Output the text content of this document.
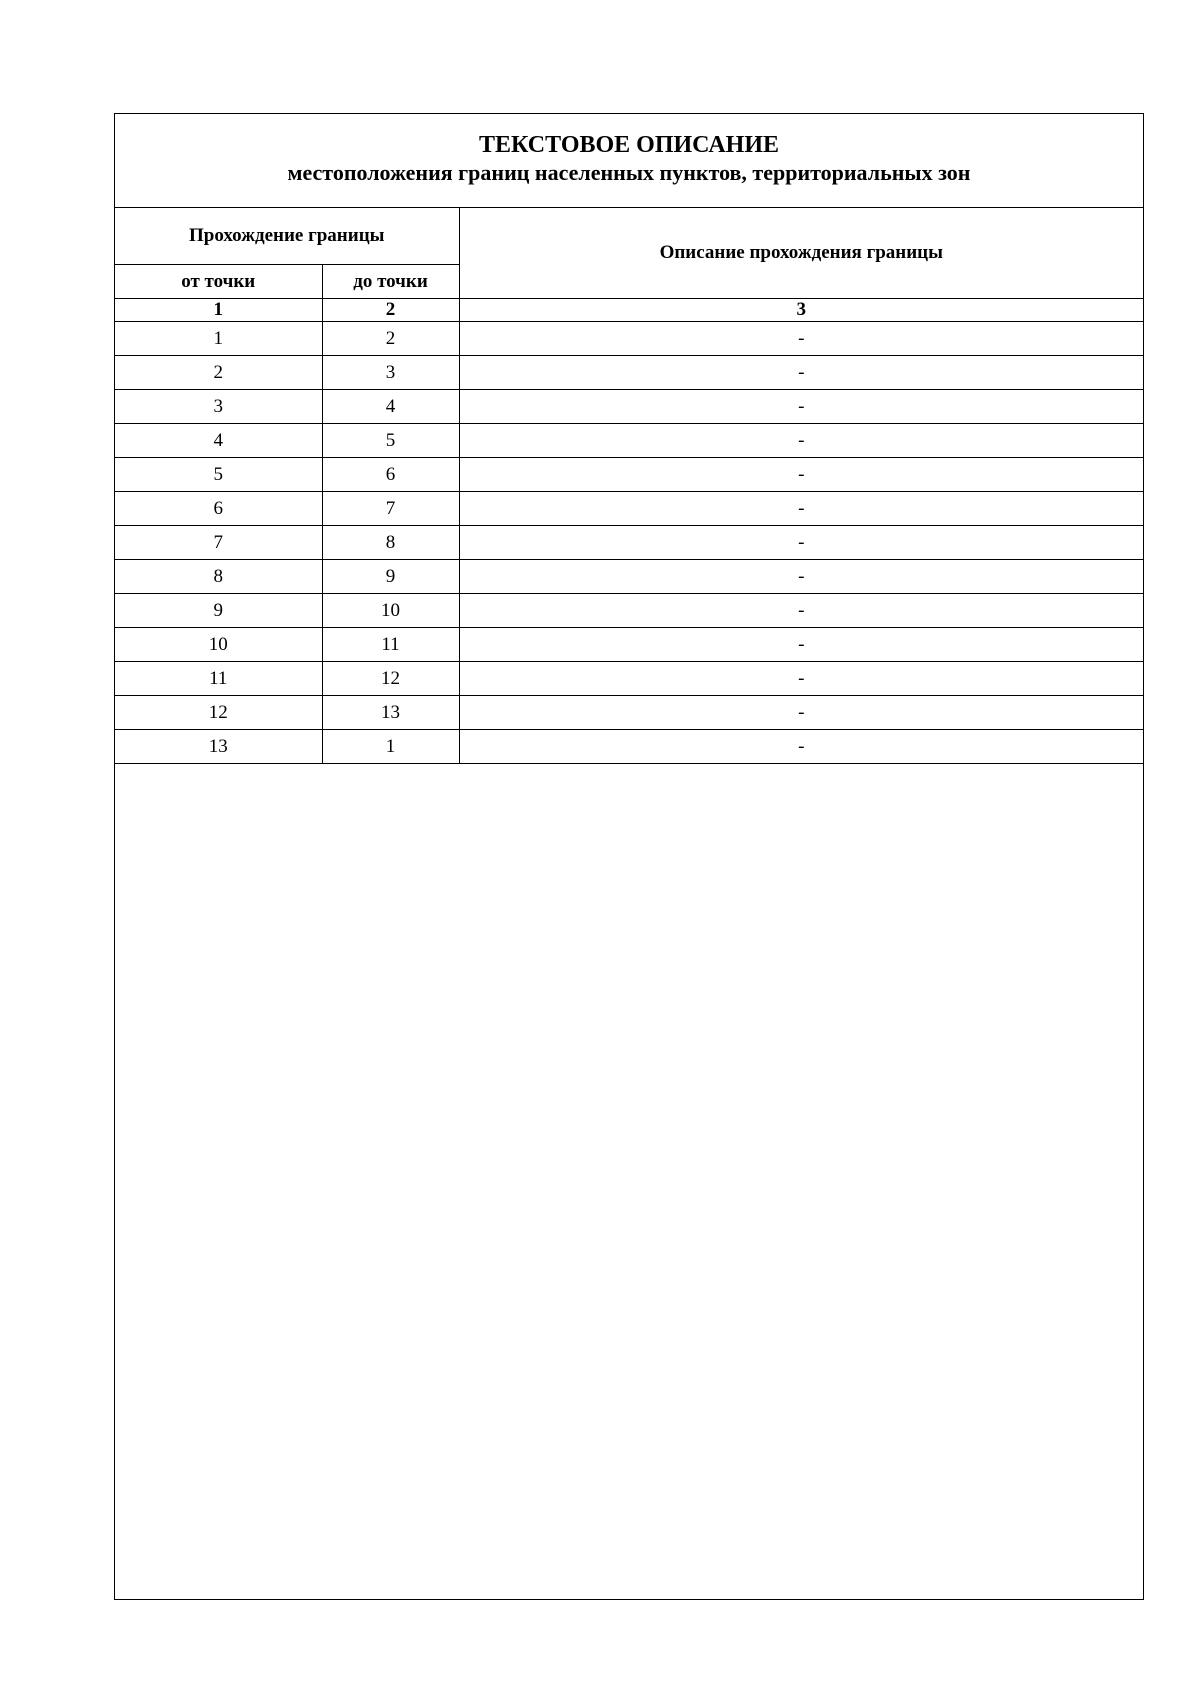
ТЕКСТОВОЕ ОПИСАНИЕ
местоположения границ населенных пунктов, территориальных зон
Прохождение границы		Описание прохождения границы
от точки	до точки	
1	2	3
1	2	-
2	3	-
3	4	-
4	5	-
5	6	-
6	7	-
7	8	-
8	9	-
9	10	-
10	11	-
11	12	-
12	13	-
13	1	-
